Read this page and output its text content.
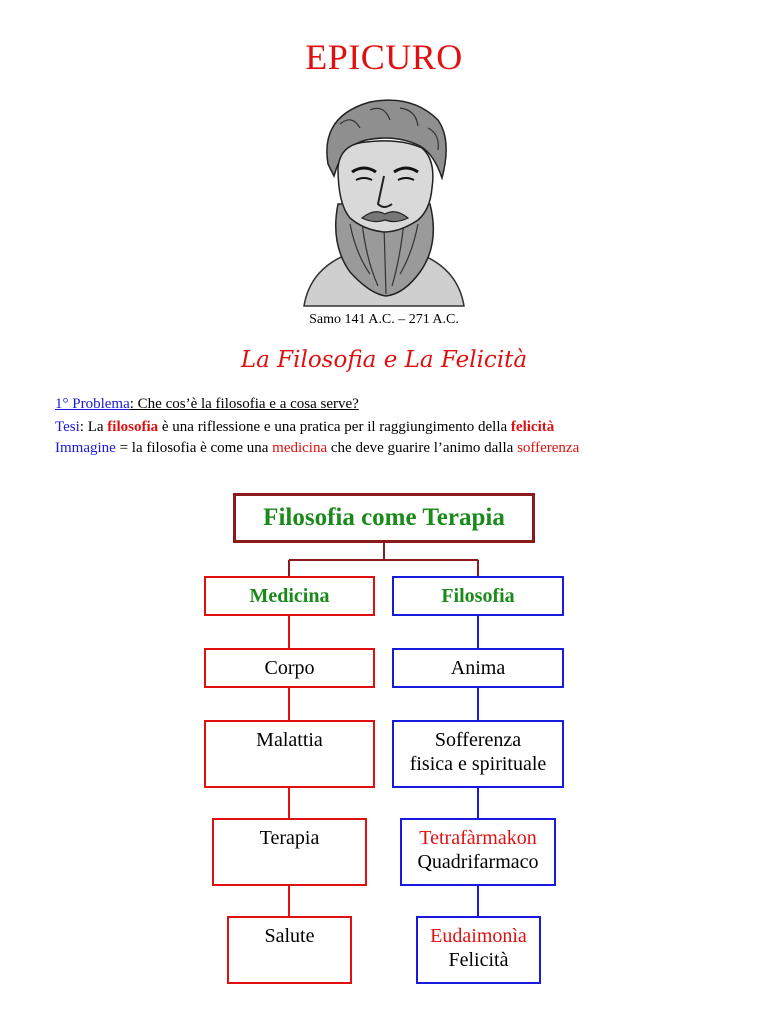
EPICURO
Samo 141 A.C. – 271 A.C.
La Filosofia e La Felicità
1° Problema: Che cos’è la filosofia e a cosa serve?
Tesi: La filosofia è una riflessione e una pratica per il raggiungimento della felicità
Immagine = la filosofia è come una medicina che deve guarire l’animo dalla sofferenza
Filosofia come Terapia
Medicina	Filosofia
Corpo	Anima
Malattia	Sofferenza
fisica e spirituale
Terapia	Tetrafàrmakon
Quadrifarmaco
Salute	Eudaimonìa
Felicità
